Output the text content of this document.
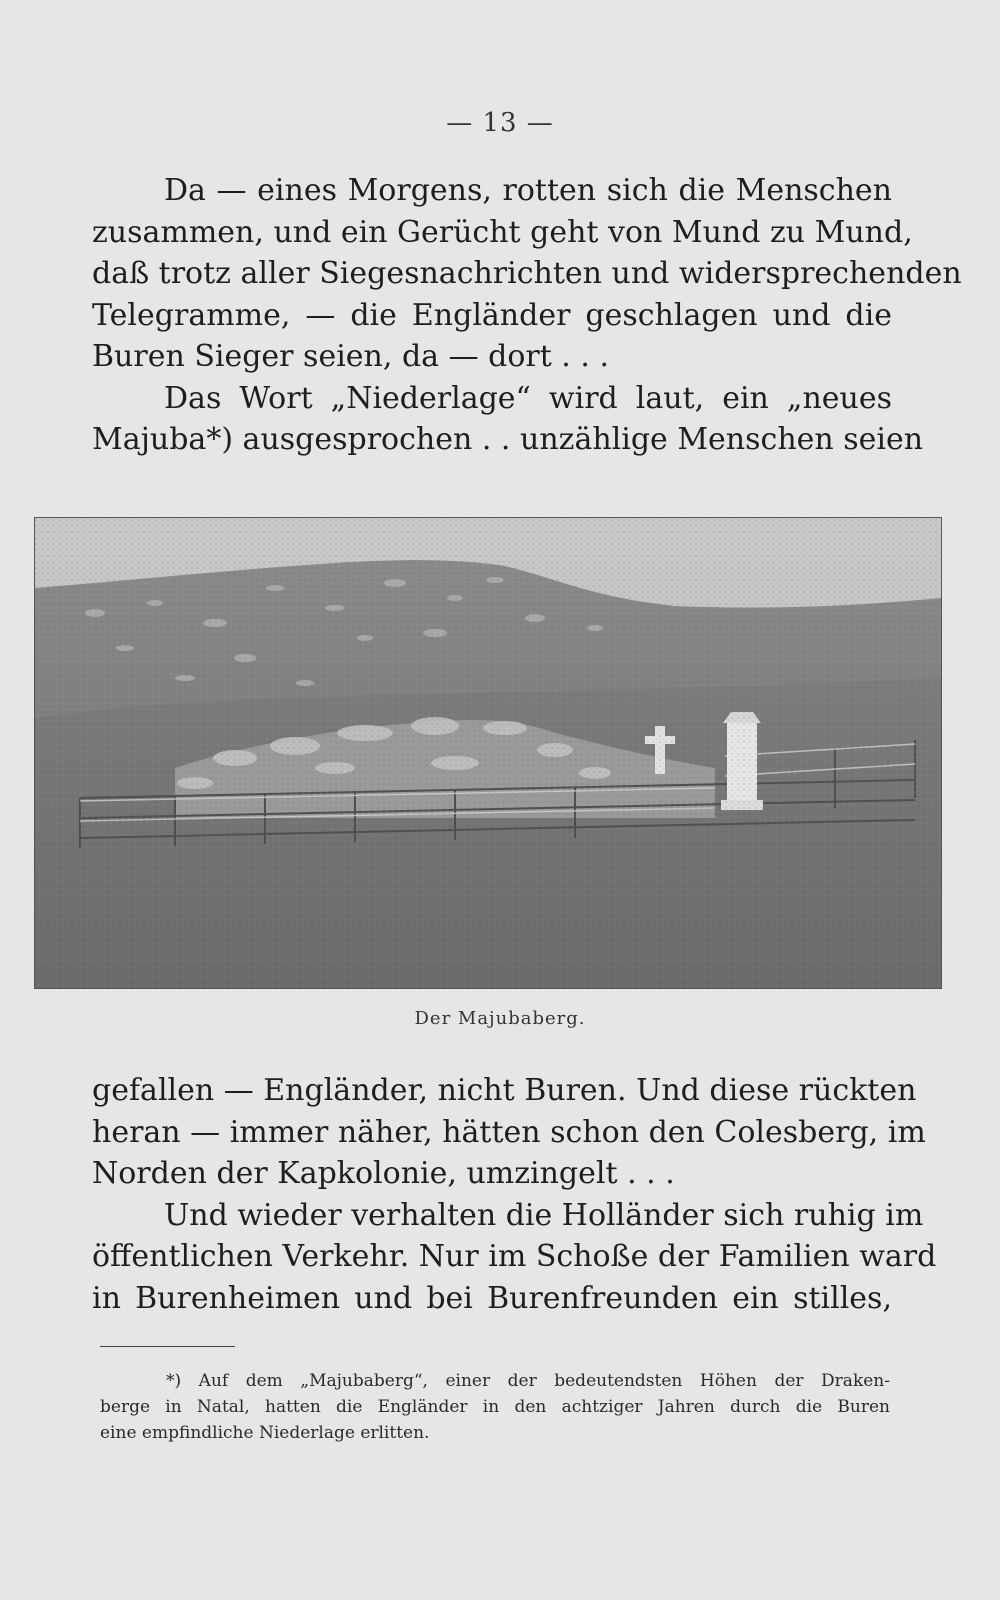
— 13 —
Da — eines Morgens, rotten sich die Menschen
zusammen, und ein Gerücht geht von Mund zu Mund,
daß trotz aller Siegesnachrichten und widersprechenden
Telegramme, — die Engländer geschlagen und die
Buren Sieger seien, da — dort . . .
Das Wort „Niederlage“ wird laut, ein „neues
Majuba*) ausgesprochen . . unzählige Menschen seien
Der Majubaberg.
gefallen — Engländer, nicht Buren. Und diese rückten
heran — immer näher, hätten schon den Colesberg, im
Norden der Kapkolonie, umzingelt . . .
Und wieder verhalten die Holländer sich ruhig im
öffentlichen Verkehr. Nur im Schoße der Familien ward
in Burenheimen und bei Burenfreunden ein stilles,
*) Auf dem „Majubaberg“, einer der bedeutendsten Höhen der Draken-
berge in Natal, hatten die Engländer in den achtziger Jahren durch die Buren
eine empfindliche Niederlage erlitten.
